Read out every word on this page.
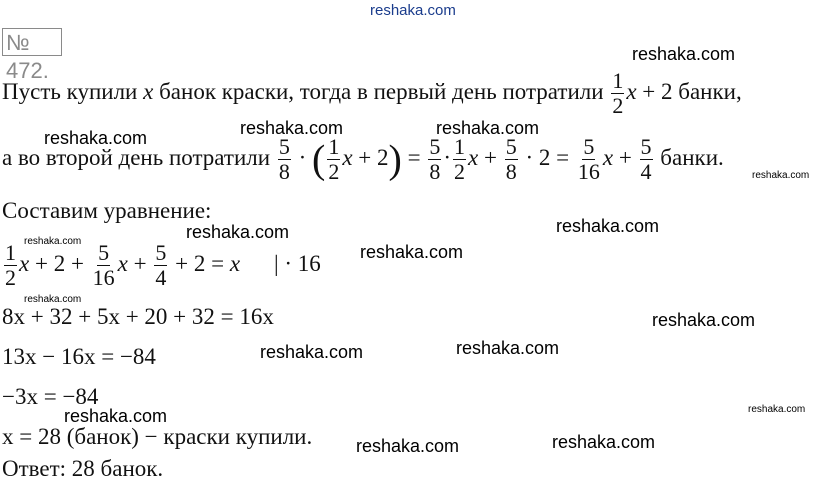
reshaka.com
№ 472.
reshaka.com
reshaka.com	reshaka.com	reshaka.com
reshaka.com
reshaka.com
reshaka.com
reshaka.com
reshaka.com	reshaka.com
reshaka.com
reshaka.com	reshaka.com
reshaka.com
reshaka.com
reshaka.com
reshaka.com
Пусть купили x банок краски, тогда в первый день потратили $\frac{1}{2}$ x + 2 банки,
а во второй день потратили $\frac{5}{8}$ · ( $\frac{1}{2}$ $x + 2) = \frac{5}{8} \cdot \frac{1}{2}$ $x + \frac{5}{8} \cdot 2 = \frac{5}{16}$ $x + \frac{5}{4}$ банки.
Составим уравнение:
$\frac{1}{2}$ $x + 2 + \frac{5}{16}$ $x + \frac{5}{4} + 2 = x$ | · 16
8x + 32 + 5x + 20 + 32 = 16x
13x − 16x = −84
−3x = −84
x = 28 (банок) − краски купили.
Ответ: 28 банок.
